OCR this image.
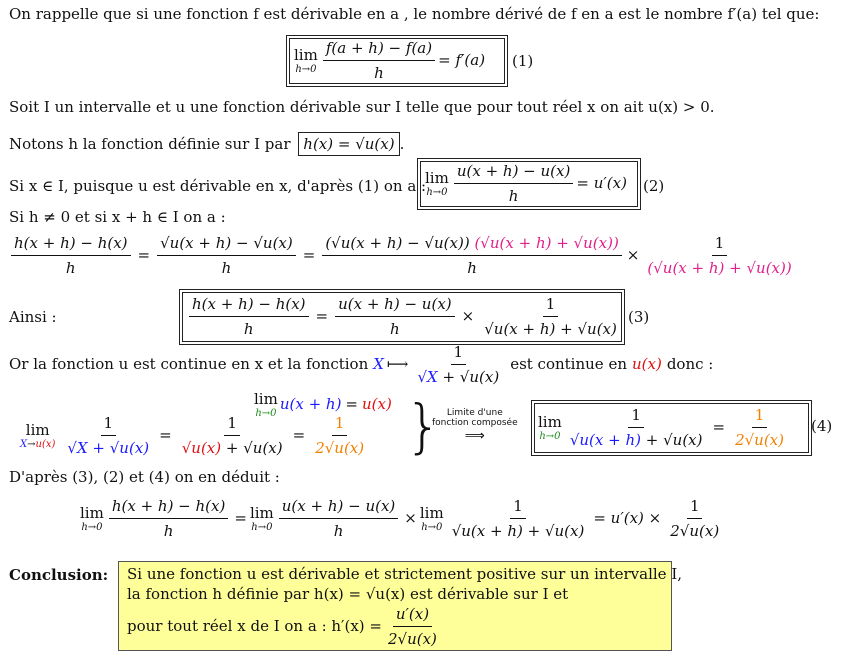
On rappelle que si une fonction f est dérivable en a , le nombre dérivé de f en a est le nombre f′(a) tel que:
lim
$h\to 0 \frac{f(a + h) - f(a)}{h} = f'(a)$ (1)
Soit I un intervalle et u une fonction dérivable sur I telle que pour tout réel x on ait u(x) > 0.
Notons h la fonction définie sur I par h(x) = √u(x) .
Si x ∈ I, puisque u est dérivable en x, d'après (1) on a :
lim
$h\to 0 \frac{u(x + h) - u(x)}{h} = u'(x)$ (2)
Si h ≠ 0 et si x + h ∈ I on a :
$\frac{h(x + h) - h(x)}{h} = \frac{√u(x + h) - √u(x)}{h} = \frac{(√u(x + h) - √u(x)) (√u(x + h) + √u(x))}{h} \times \frac{1}{(√u(x + h) + √u(x))}$
Ainsi :	$\frac{h(x + h) - h(x)}{h} = \frac{u(x + h) - u(x)}{h} \times \frac{1}{√u(x + h) + √u(x)} (3)$
Or la fonction u est continue en x et la fonction X ⟼ $\frac{1}{√X + √u(x)}$ est continue en u(x) donc :
lim
h→0
u(x + h) = u(x)
lim
$X\to u(x) \frac{1}{√X + √u(x)} = \frac{1}{√u(x) + √u(x)} = \frac{1}{2√u(x)}$ } Limite d'une
fonction composée
⟹
lim
$h\to 0 \frac{1}{√u(x + h) + √u(x)} = \frac{1}{2√u(x)} (4)$
D'après (3), (2) et (4) on en déduit :
lim
$h\to 0 \frac{h(x + h) - h(x)}{h} = \lim$
$h\to 0 \frac{u(x + h) - u(x)}{h} \times \lim$
$h\to 0 \frac{1}{√u(x + h) + √u(x)} = u'(x) \times \frac{1}{2√u(x)}$
Conclusion: Si une fonction u est dérivable et strictement positive sur un intervalle I,
la fonction h définie par h(x) = √u(x) est dérivable sur I et
pour tout réel x de I on a : $h'(x) = \frac{u'(x)}{2√u(x)}$
